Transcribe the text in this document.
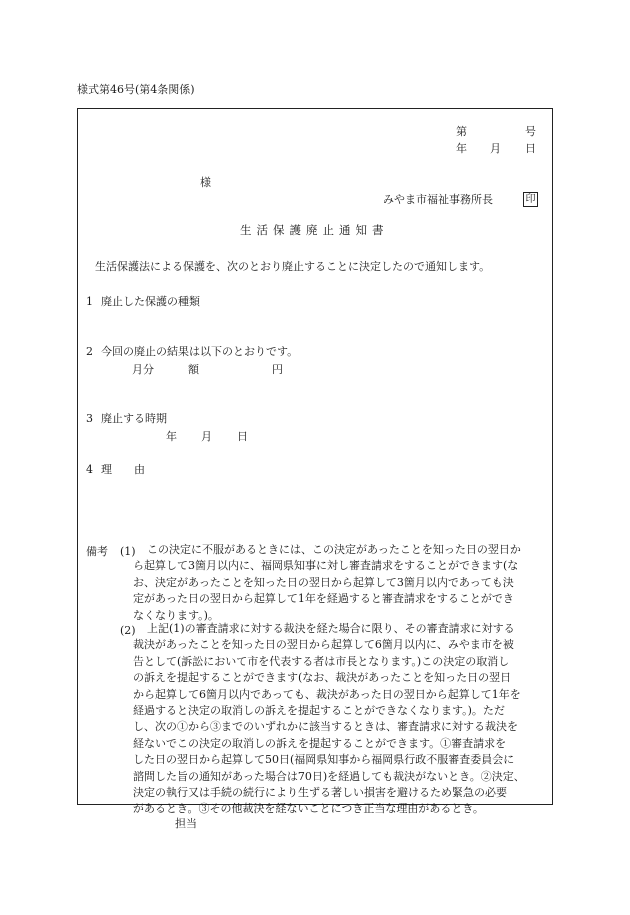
様式第46号(第4条関係)
第	号
年 月 日
様
みやま市福祉事務所長	印
生活保護廃止通知書
生活保護法による保護を、次のとおり廃止することに決定したので通知します。
1 廃止した保護の種類
2 今回の廃止の結果は以下のとおりです。
月分	額	円
3 廃止する時期
年 月 日
4 理　　由
備考 (1) この決定に不服があるときには、この決定があったことを知った日の翌日か
ら起算して3箇月以内に、福岡県知事に対し審査請求をすることができます(な
お、決定があったことを知った日の翌日から起算して3箇月以内であっても決
定があった日の翌日から起算して1年を経過すると審査請求をすることができ
なくなります。)。
(2) 上記(1)の審査請求に対する裁決を経た場合に限り、その審査請求に対する
裁決があったことを知った日の翌日から起算して6箇月以内に、みやま市を被
告として(訴訟において市を代表する者は市長となります。)この決定の取消し
の訴えを提起することができます(なお、裁決があったことを知った日の翌日
から起算して6箇月以内であっても、裁決があった日の翌日から起算して1年を
経過すると決定の取消しの訴えを提起することができなくなります。)。ただ
し、次の①から③までのいずれかに該当するときは、審査請求に対する裁決を
経ないでこの決定の取消しの訴えを提起することができます。①審査請求を
した日の翌日から起算して50日(福岡県知事から福岡県行政不服審査委員会に
諮問した旨の通知があった場合は70日)を経過しても裁決がないとき。②決定、
決定の執行又は手続の続行により生ずる著しい損害を避けるため緊急の必要
があるとき。③その他裁決を経ないことにつき正当な理由があるとき。
担当
